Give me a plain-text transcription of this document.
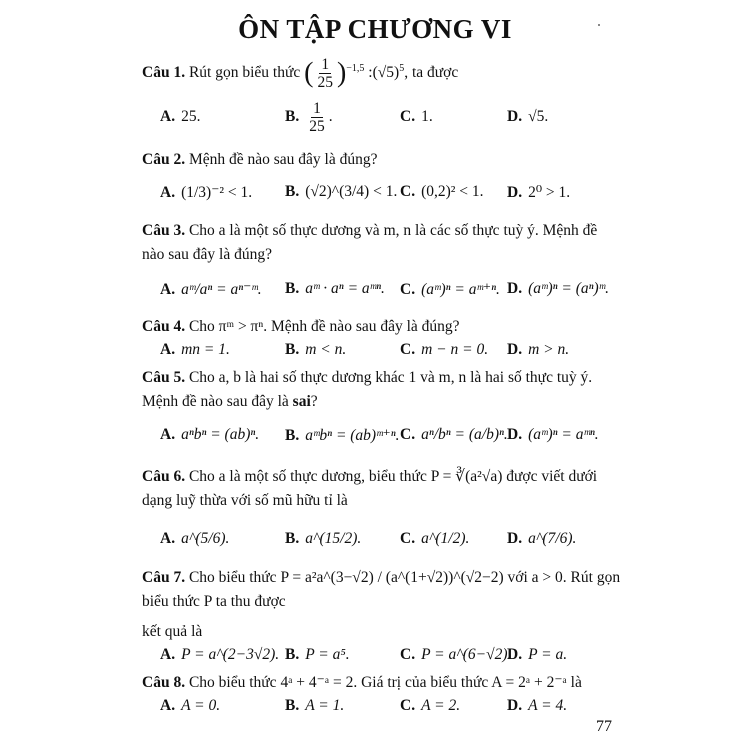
ÔN TẬP CHƯƠNG VI
Câu 1. Rút gọn biểu thức ( $\frac{1}{25} )^{-1,5}$ $:(√5)^5$, ta được
A. 25.	B. $\frac{1}{25}$ .	C. 1.	D. √5.
Câu 2. Mệnh đề nào sau đây là đúng?
A. (1/3)⁻² < 1. B. (√2)^(3/4) < 1. C. (0,2)² < 1. D. 2⁰ > 1.
Câu 3. Cho a là một số thực dương và m, n là các số thực tuỳ ý. Mệnh đề nào sau đây là đúng?
A. aᵐ/aⁿ = aⁿ⁻ᵐ. B. aᵐ · aⁿ = aᵐⁿ. C. (aᵐ)ⁿ = aᵐ⁺ⁿ. D. (aᵐ)ⁿ = (aⁿ)ᵐ.
Câu 4. Cho πᵐ > πⁿ. Mệnh đề nào sau đây là đúng?
A. mn = 1.	B. m < n.	C. m − n = 0. D. m > n.
Câu 5. Cho a, b là hai số thực dương khác 1 và m, n là hai số thực tuỳ ý. Mệnh đề nào sau đây là sai?
A. aⁿbⁿ = (ab)ⁿ. B. aᵐbⁿ = (ab)ᵐ⁺ⁿ. C. aⁿ/bⁿ = (a/b)ⁿ. D. (aᵐ)ⁿ = aᵐⁿ.
Câu 6. Cho a là một số thực dương, biểu thức P = ∛(a²√a) được viết dưới dạng luỹ thừa với số mũ hữu tỉ là
A. a^(5/6).	B. a^(15/2). C. a^(1/2). D. a^(7/6).
Câu 7. Cho biểu thức P = a²a^(3−√2) / (a^(1+√2))^(√2−2) với a > 0. Rút gọn biểu thức P ta thu được
kết quả là
A. P = a^(2−3√2). B. P = a⁵.	C. P = a^(6−√2).
D. P = a.
Câu 8. Cho biểu thức 4ᵃ + 4⁻ᵃ = 2. Giá trị của biểu thức A = 2ᵃ + 2⁻ᵃ là
A. A = 0.	B. A = 1.	C. A = 2.	D. A = 4.
77
